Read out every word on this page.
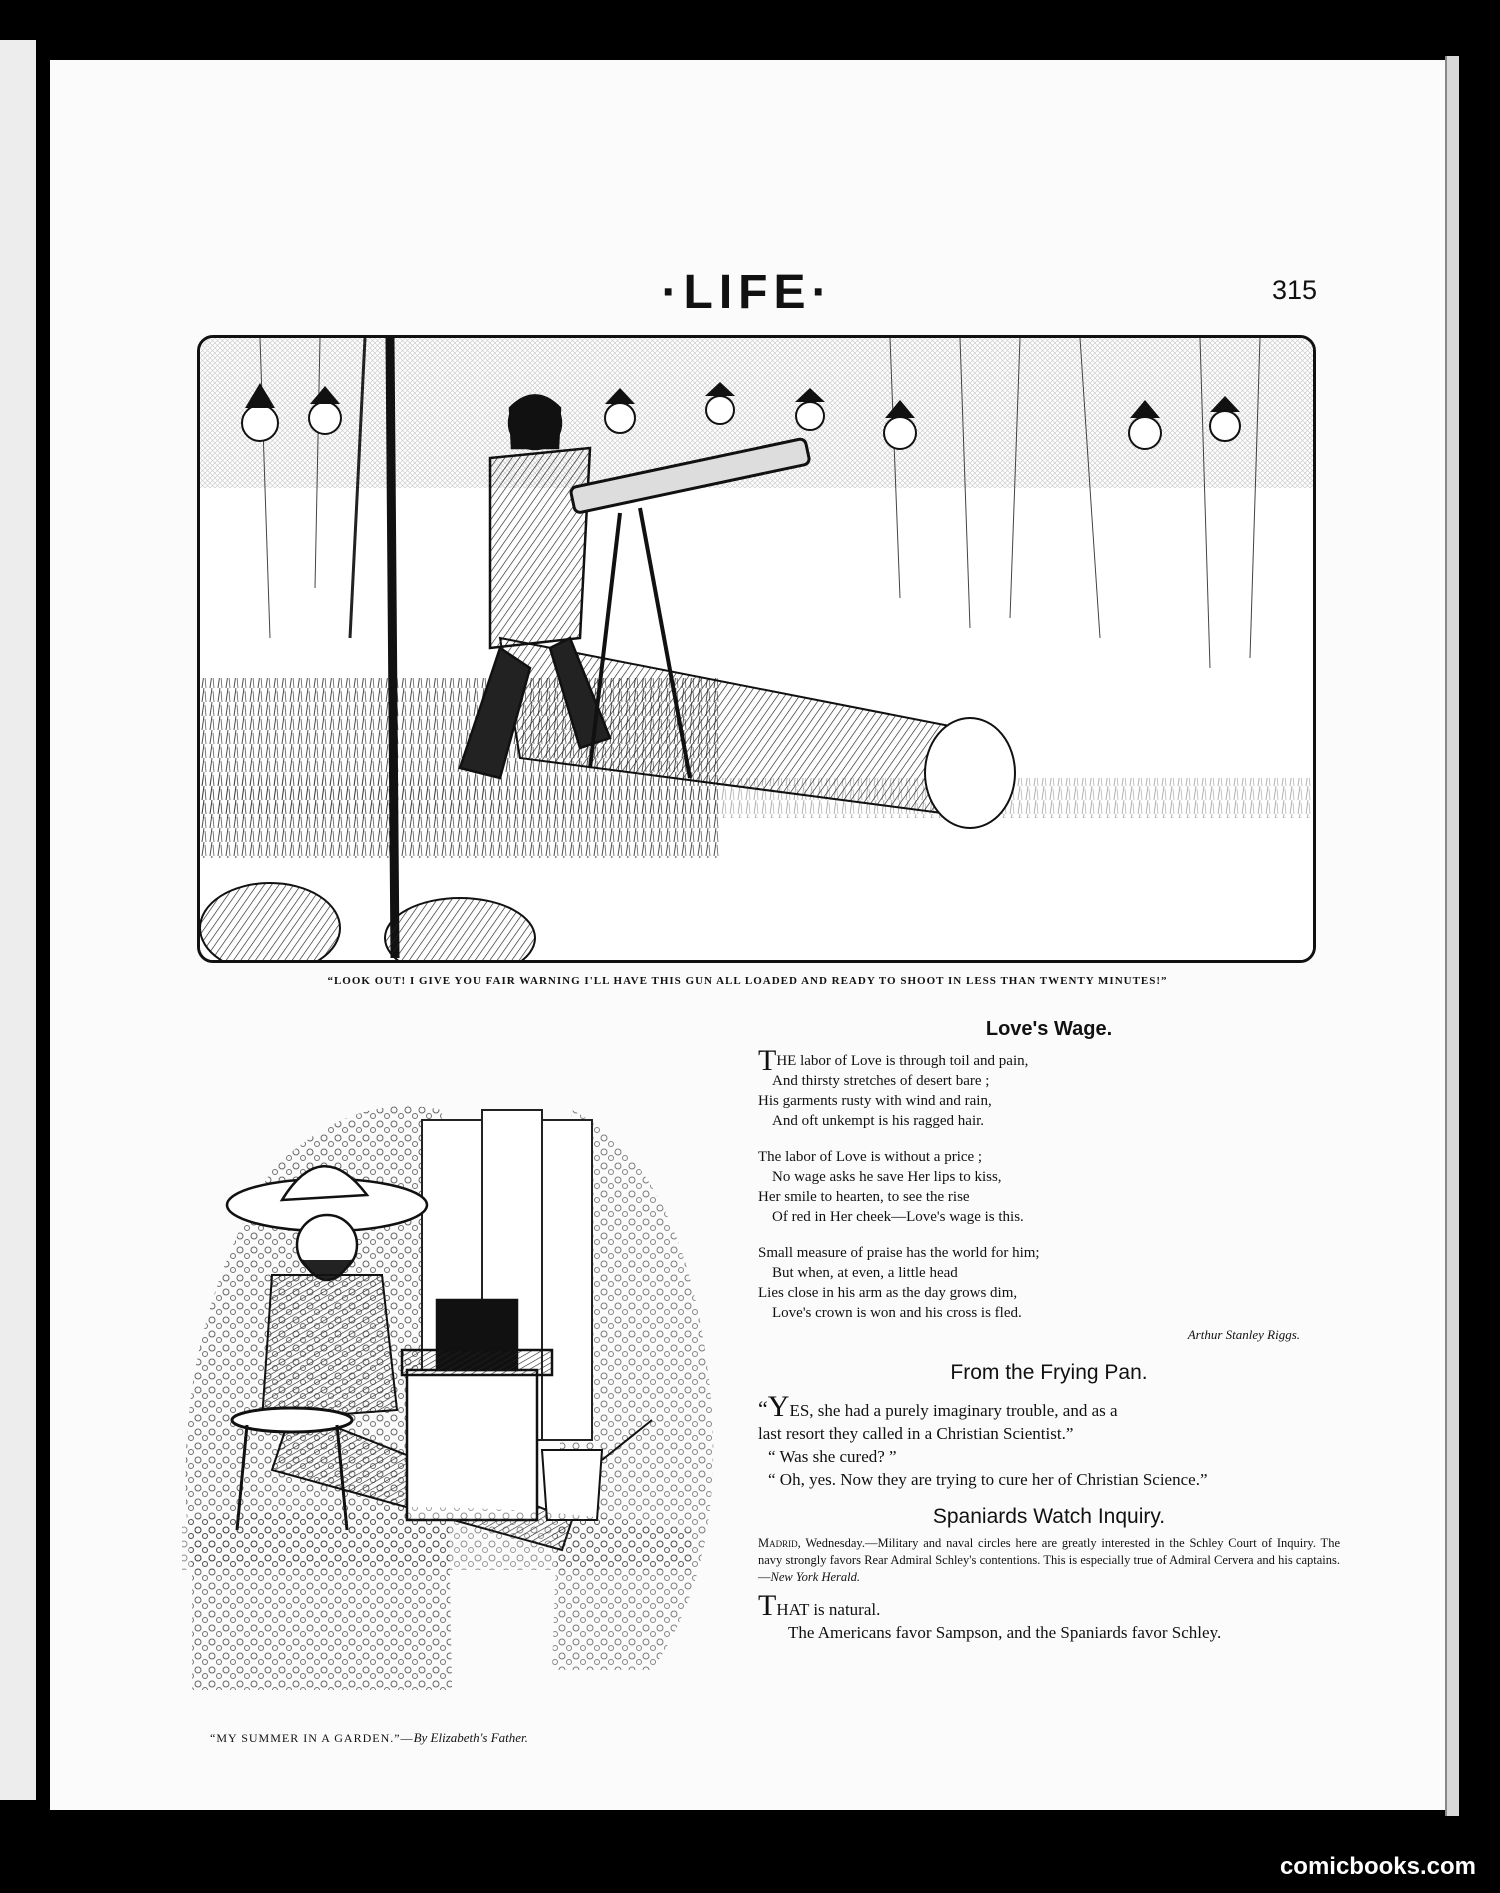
·LIFE·	315
“LOOK OUT! I GIVE YOU FAIR WARNING I'LL HAVE THIS GUN ALL LOADED AND READY TO SHOOT IN LESS THAN TWENTY MINUTES!”
“MY SUMMER IN A GARDEN.”—By Elizabeth's Father.
Love's Wage.
THE labor of Love is through toil and pain,
And thirsty stretches of desert bare ;
His garments rusty with wind and rain,
And oft unkempt is his ragged hair.
The labor of Love is without a price ;
No wage asks he save Her lips to kiss,
Her smile to hearten, to see the rise
Of red in Her cheek—Love's wage is this.
Small measure of praise has the world for him;
But when, at even, a little head
Lies close in his arm as the day grows dim,
Love's crown is won and his cross is fled.
Arthur Stanley Riggs.
From the Frying Pan.

“YES, she had a purely imaginary trouble, and as a

last resort they called in a Christian Scientist.”

“ Was she cured? ”

“ Oh, yes. Now they are trying to cure her of Christian Science.”

Spaniards Watch Inquiry.

Madrid, Wednesday.—Military and naval circles here are greatly interested in the Schley Court of Inquiry. The navy strongly favors Rear Admiral Schley's contentions. This is especially true of Admiral Cervera and his captains.—New York Herald.

THAT is natural.

The Americans favor Sampson, and the Spaniards favor Schley.

comicbooks.com
